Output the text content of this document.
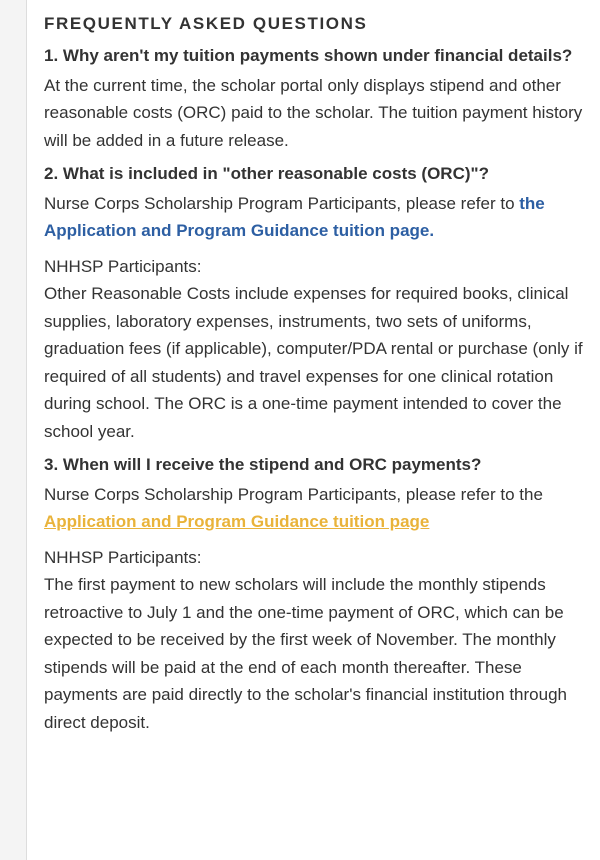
FREQUENTLY ASKED QUESTIONS
1. Why aren't my tuition payments shown under financial details?

At the current time, the scholar portal only displays stipend and other reasonable costs (ORC) paid to the scholar. The tuition payment history will be added in a future release.

2. What is included in "other reasonable costs (ORC)"?

Nurse Corps Scholarship Program Participants, please refer to the Application and Program Guidance tuition page.

NHHSP Participants:
Other Reasonable Costs include expenses for required books, clinical supplies, laboratory expenses, instruments, two sets of uniforms, graduation fees (if applicable), computer/PDA rental or purchase (only if required of all students) and travel expenses for one clinical rotation during school. The ORC is a one-time payment intended to cover the school year.

3. When will I receive the stipend and ORC payments?

Nurse Corps Scholarship Program Participants, please refer to the Application and Program Guidance tuition page

NHHSP Participants:
The first payment to new scholars will include the monthly stipends retroactive to July 1 and the one-time payment of ORC, which can be expected to be received by the first week of November. The monthly stipends will be paid at the end of each month thereafter. These payments are paid directly to the scholar's financial institution through direct deposit.
